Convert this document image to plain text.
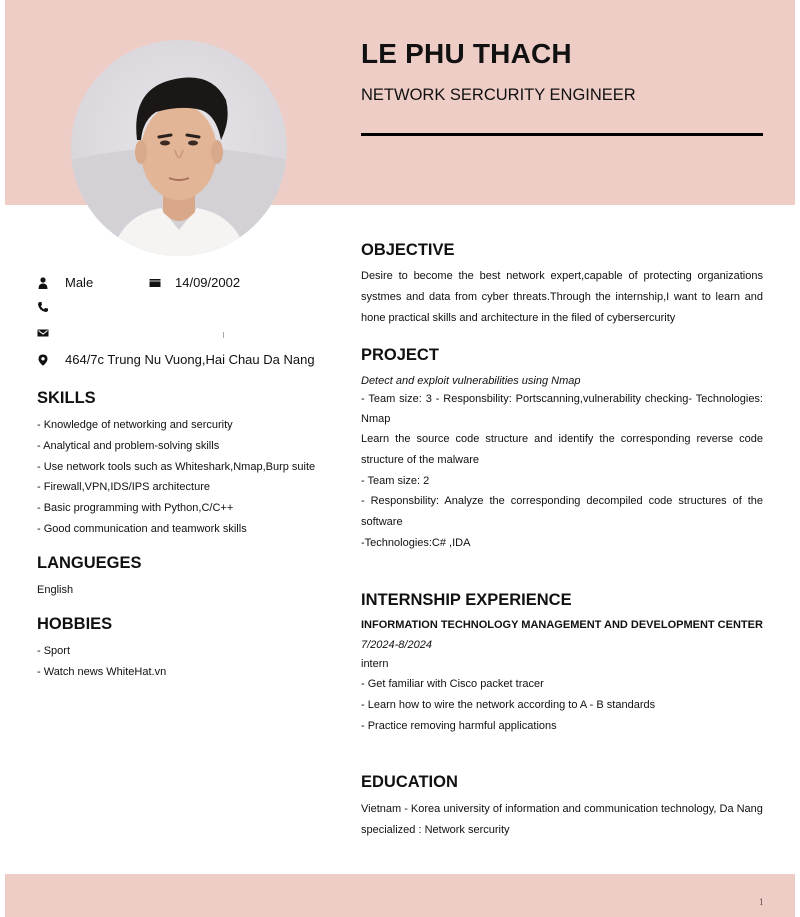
LE PHU THACH

NETWORK SERCURITY ENGINEER

Male	14/09/2002
464/7c Trung Nu Vuong,Hai Chau Da Nang
SKILLS
- Knowledge of networking and sercurity
- Analytical and problem-solving skills
- Use network tools such as Whiteshark,Nmap,Burp suite
- Firewall,VPN,IDS/IPS architecture
- Basic programming with Python,C/C++
- Good communication and teamwork skills
LANGUEGES
English
HOBBIES
- Sport
- Watch news WhiteHat.vn
OBJECTIVE

Desire to become the best network expert,capable of protecting organizations systmes and data from cyber threats.Through the internship,I want to learn and hone practical skills and architecture in the filed of cybersercurity

PROJECT

Detect and exploit vulnerabilities using Nmap

- Team size: 3 - Responsbility: Portscanning,vulnerability checking- Technologies: Nmap

Learn the source code structure and identify the corresponding reverse code structure of the malware

- Team size: 2

- Responsbility: Analyze the corresponding decompiled code structures of the software

-Technologies:C# ,IDA

INTERNSHIP EXPERIENCE

INFORMATION TECHNOLOGY MANAGEMENT AND DEVELOPMENT CENTER

7/2024-8/2024

intern

- Get familiar with Cisco packet tracer

- Learn how to wire the network according to A - B standards

- Practice removing harmful applications

EDUCATION

Vietnam - Korea university of information and communication technology, Da Nang

specialized : Network sercurity

1
